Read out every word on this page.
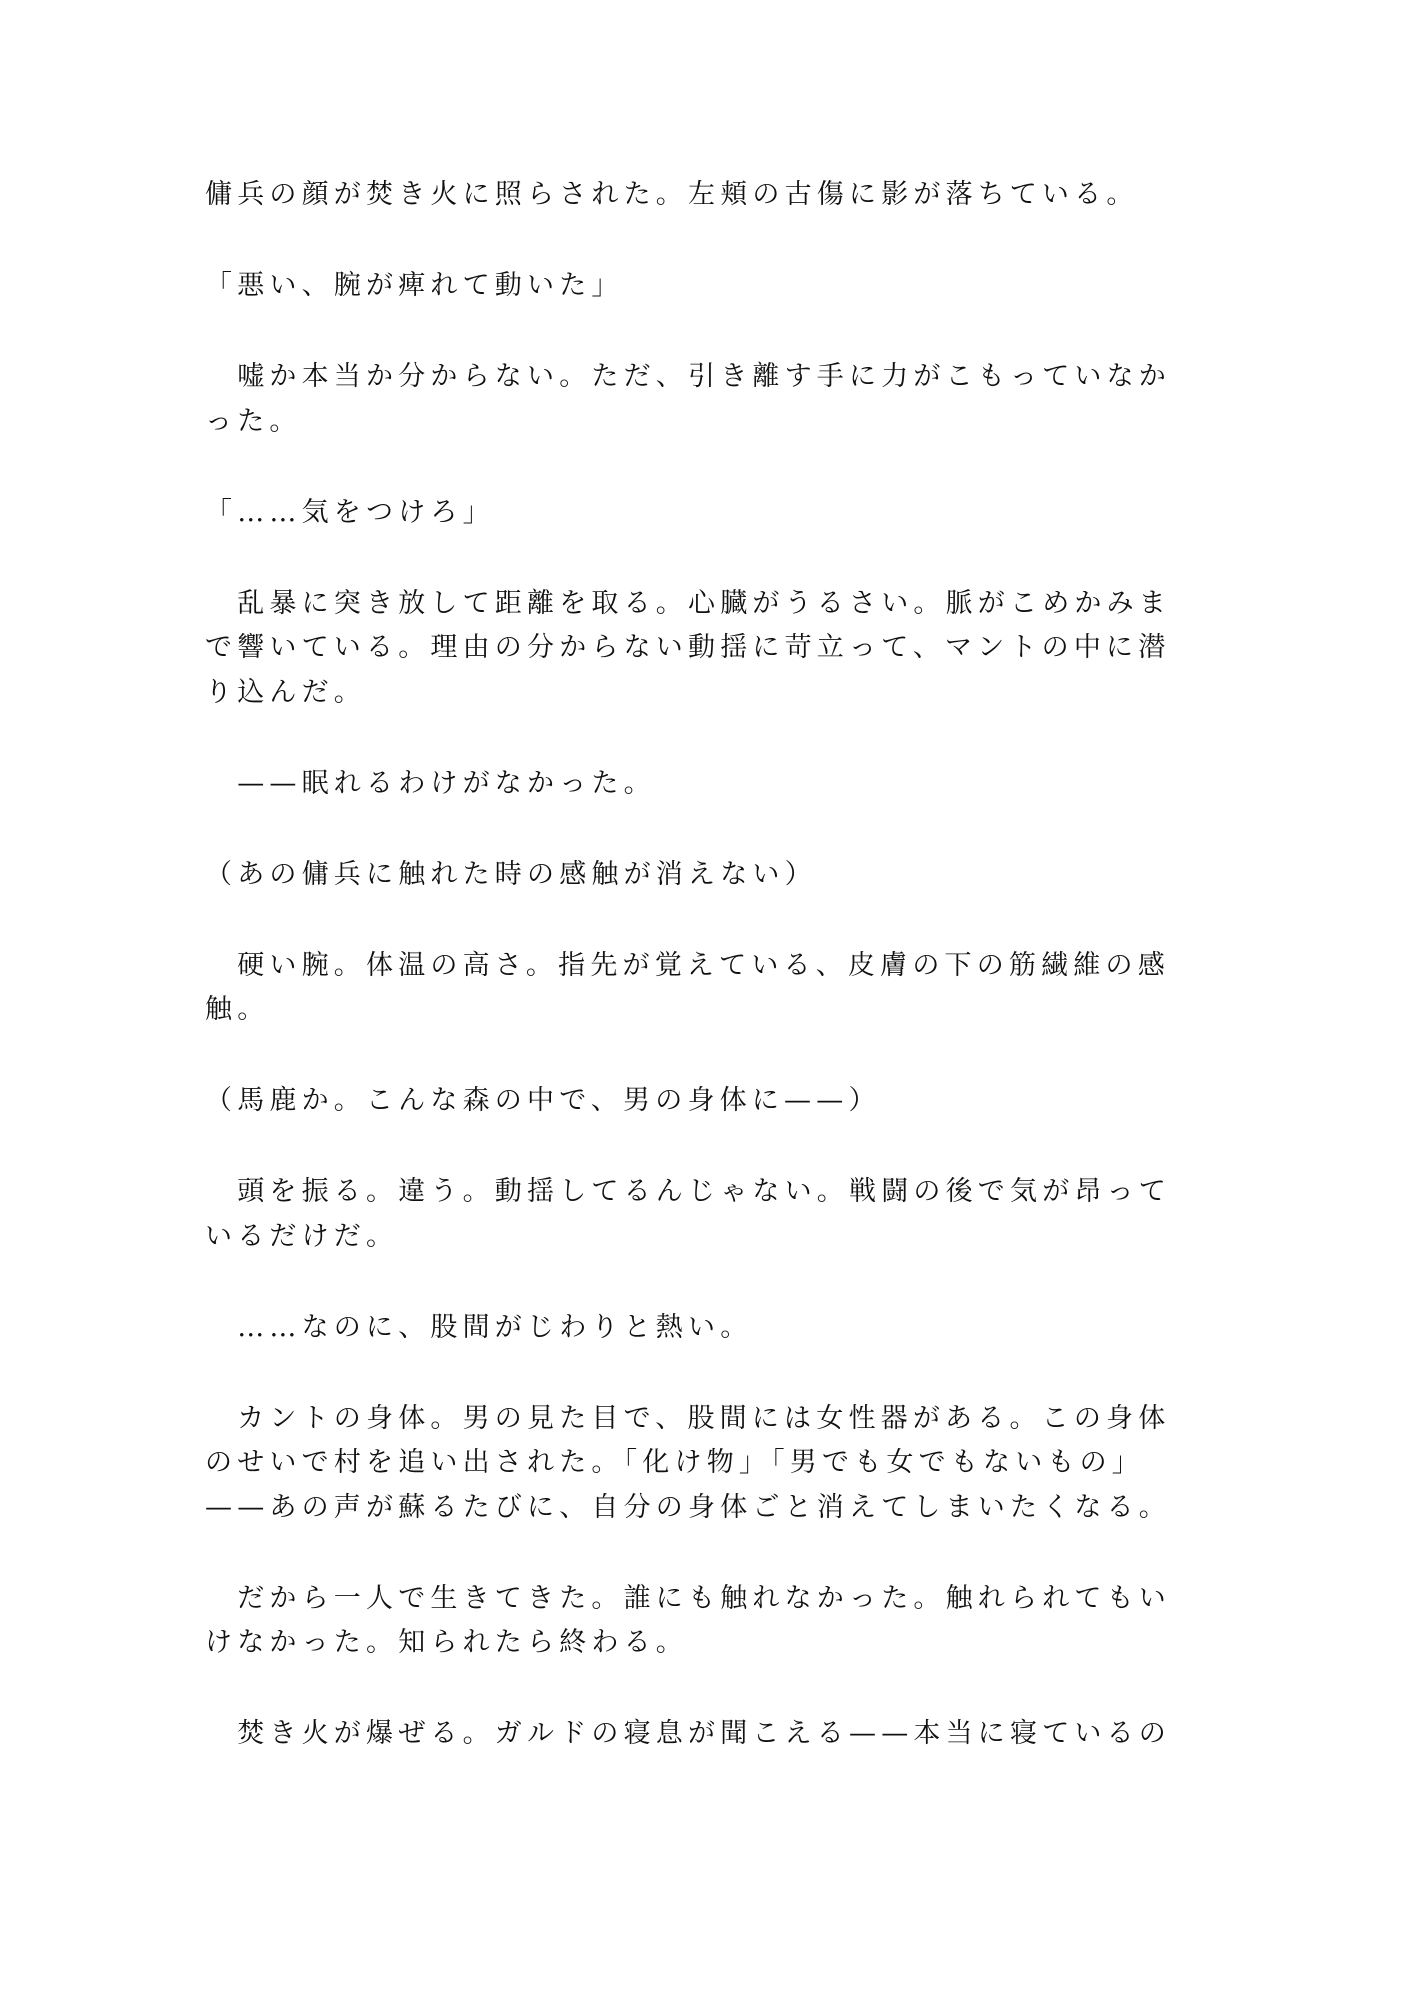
傭兵の顔が焚き火に照らされた。左頬の古傷に影が落ちている。
「悪い、腕が痺れて動いた」
　嘘か本当か分からない。ただ、引き離す手に力がこもっていなか
った。
「……気をつけろ」
　乱暴に突き放して距離を取る。心臓がうるさい。脈がこめかみま
で響いている。理由の分からない動揺に苛立って、マントの中に潜
り込んだ。
　——眠れるわけがなかった。
（あの傭兵に触れた時の感触が消えない）
　硬い腕。体温の高さ。指先が覚えている、皮膚の下の筋繊維の感
触。
（馬鹿か。こんな森の中で、男の身体に——）
　頭を振る。違う。動揺してるんじゃない。戦闘の後で気が昂って
いるだけだ。
　……なのに、股間がじわりと熱い。
　カントの身体。男の見た目で、股間には女性器がある。この身体
のせいで村を追い出された。「化け物」「男でも女でもないもの」
——あの声が蘇るたびに、自分の身体ごと消えてしまいたくなる。
　だから一人で生きてきた。誰にも触れなかった。触れられてもい
けなかった。知られたら終わる。
　焚き火が爆ぜる。ガルドの寝息が聞こえる——本当に寝ているの
